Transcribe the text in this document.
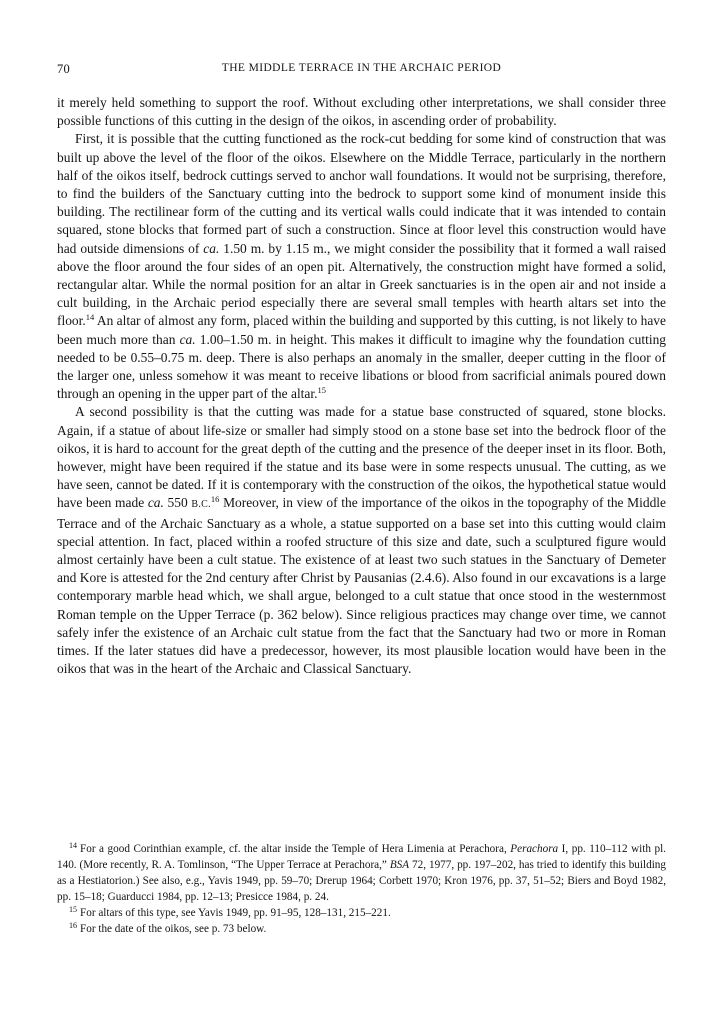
70	THE MIDDLE TERRACE IN THE ARCHAIC PERIOD

it merely held something to support the roof. Without excluding other interpretations, we shall consider three possible functions of this cutting in the design of the oikos, in ascending order of probability.

First, it is possible that the cutting functioned as the rock-cut bedding for some kind of construction that was built up above the level of the floor of the oikos. Elsewhere on the Middle Terrace, particularly in the northern half of the oikos itself, bedrock cuttings served to anchor wall foundations. It would not be surprising, therefore, to find the builders of the Sanctuary cutting into the bedrock to support some kind of monument inside this building. The rectilinear form of the cutting and its vertical walls could indicate that it was intended to contain squared, stone blocks that formed part of such a construction. Since at floor level this construction would have had outside dimensions of ca. 1.50 m. by 1.15 m., we might consider the possibility that it formed a wall raised above the floor around the four sides of an open pit. Alternatively, the construction might have formed a solid, rectangular altar. While the normal position for an altar in Greek sanctuaries is in the open air and not inside a cult building, in the Archaic period especially there are several small temples with hearth altars set into the floor.$^{14}$ An altar of almost any form, placed within the building and supported by this cutting, is not likely to have been much more than ca. 1.00–1.50 m. in height. This makes it difficult to imagine why the foundation cutting needed to be 0.55–0.75 m. deep. There is also perhaps an anomaly in the smaller, deeper cutting in the floor of the larger one, unless somehow it was meant to receive libations or blood from sacrificial animals poured down through an opening in the upper part of the altar.$^{15}$

A second possibility is that the cutting was made for a statue base constructed of squared, stone blocks. Again, if a statue of about life-size or smaller had simply stood on a stone base set into the bedrock floor of the oikos, it is hard to account for the great depth of the cutting and the presence of the deeper inset in its floor. Both, however, might have been required if the statue and its base were in some respects unusual. The cutting, as we have seen, cannot be dated. If it is contemporary with the construction of the oikos, the hypothetical statue would have been made ca. 550 B.C.$^{16}$ Moreover, in view of the importance of the oikos in the topography of the Middle Terrace and of the Archaic Sanctuary as a whole, a statue supported on a base set into this cutting would claim special attention. In fact, placed within a roofed structure of this size and date, such a sculptured figure would almost certainly have been a cult statue. The existence of at least two such statues in the Sanctuary of Demeter and Kore is attested for the 2nd century after Christ by Pausanias (2.4.6). Also found in our excavations is a large contemporary marble head which, we shall argue, belonged to a cult statue that once stood in the westernmost Roman temple on the Upper Terrace (p. 362 below). Since religious practices may change over time, we cannot safely infer the existence of an Archaic cult statue from the fact that the Sanctuary had two or more in Roman times. If the later statues did have a predecessor, however, its most plausible location would have been in the oikos that was in the heart of the Archaic and Classical Sanctuary.

$^{14}$ For a good Corinthian example, cf. the altar inside the Temple of Hera Limenia at Perachora, Perachora I, pp. 110–112 with pl. 140. (More recently, R. A. Tomlinson, “The Upper Terrace at Perachora,” BSA 72, 1977, pp. 197–202, has tried to identify this building as a Hestiatorion.) See also, e.g., Yavis 1949, pp. 59–70; Drerup 1964; Corbett 1970; Kron 1976, pp. 37, 51–52; Biers and Boyd 1982, pp. 15–18; Guarducci 1984, pp. 12–13; Presicce 1984, p. 24.

$^{15}$ For altars of this type, see Yavis 1949, pp. 91–95, 128–131, 215–221.

$^{16}$ For the date of the oikos, see p. 73 below.
